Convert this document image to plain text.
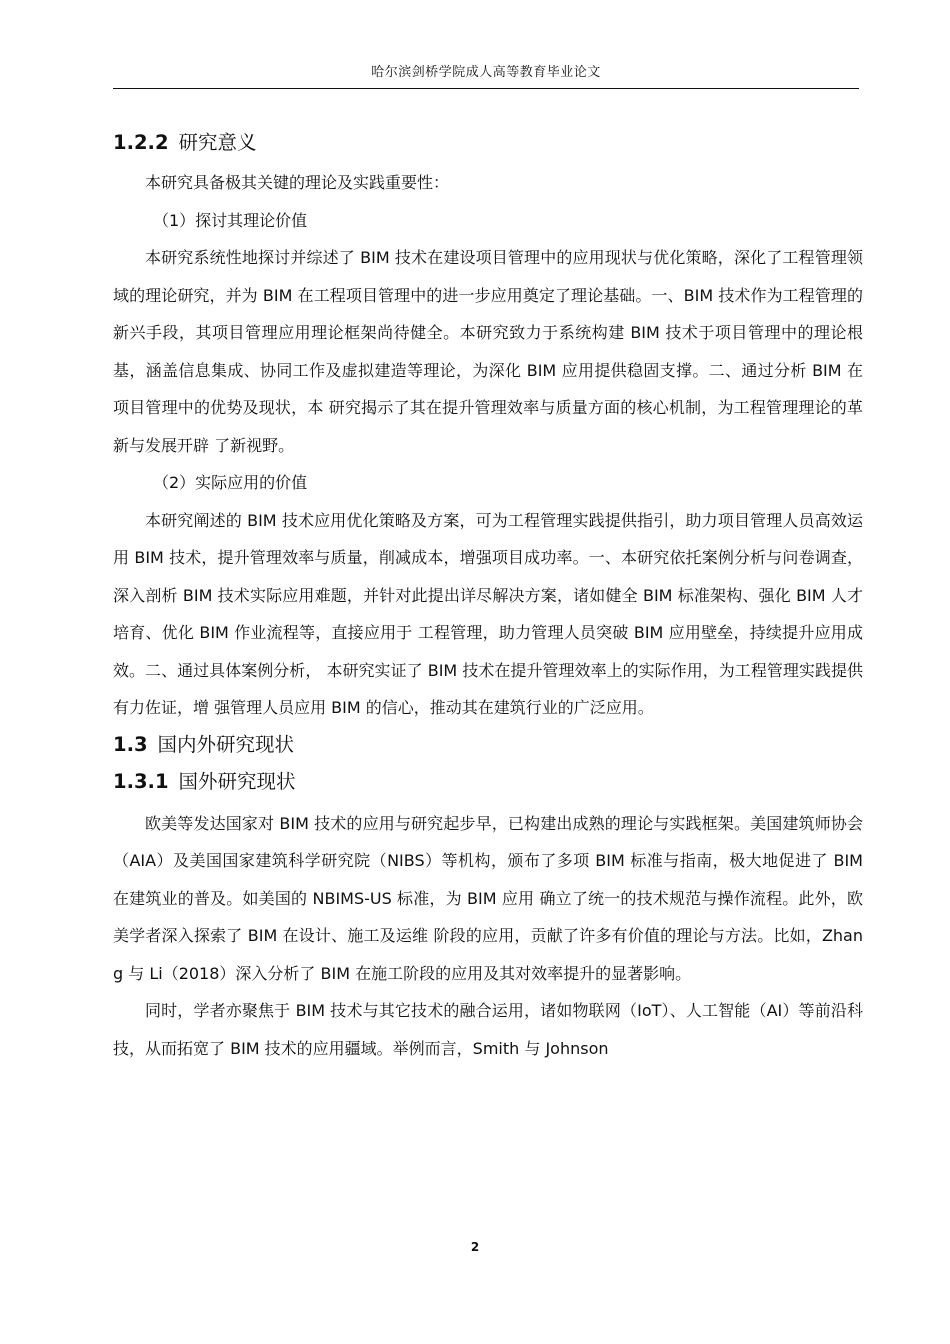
哈尔滨剑桥学院成人高等教育毕业论文
1.2.2 研究意义

本研究具备极其关键的理论及实践重要性：

（1）探讨其理论价值

本研究系统性地探讨并综述了 BIM 技术在建设项目管理中的应用现状与优化策略，深化了工程管理领域的理论研究，并为 BIM 在工程项目管理中的进一步应用奠定了理论基础。一、BIM 技术作为工程管理的新兴手段，其项目管理应用理论框架尚待健全。本研究致力于系统构建 BIM 技术于项目管理中的理论根基，涵盖信息集成、协同工作及虚拟建造等理论，为深化 BIM 应用提供稳固支撑。二、通过分析 BIM 在项目管理中的优势及现状，本 研究揭示了其在提升管理效率与质量方面的核心机制，为工程管理理论的革新与发展开辟 了新视野。

（2）实际应用的价值

本研究阐述的 BIM 技术应用优化策略及方案，可为工程管理实践提供指引，助力项目管理人员高效运用 BIM 技术，提升管理效率与质量，削减成本，增强项目成功率。一、本研究依托案例分析与问卷调查，深入剖析 BIM 技术实际应用难题，并针对此提出详尽解决方案，诸如健全 BIM 标准架构、强化 BIM 人才培育、优化 BIM 作业流程等，直接应用于 工程管理，助力管理人员突破 BIM 应用壁垒，持续提升应用成效。二、通过具体案例分析， 本研究实证了 BIM 技术在提升管理效率上的实际作用，为工程管理实践提供有力佐证，增 强管理人员应用 BIM 的信心，推动其在建筑行业的广泛应用。

1.3 国内外研究现状
1.3.1 国外研究现状

欧美等发达国家对 BIM 技术的应用与研究起步早，已构建出成熟的理论与实践框架。美国建筑师协会（AIA）及美国国家建筑科学研究院（NIBS）等机构，颁布了多项 BIM 标准与指南，极大地促进了 BIM 在建筑业的普及。如美国的 NBIMS-US 标准，为 BIM 应用 确立了统一的技术规范与操作流程。此外，欧美学者深入探索了 BIM 在设计、施工及运维 阶段的应用，贡献了许多有价值的理论与方法。比如，Zhang 与 Li（2018）深入分析了 BIM 在施工阶段的应用及其对效率提升的显著影响。

同时，学者亦聚焦于 BIM 技术与其它技术的融合运用，诸如物联网（IoT）、人工智能（AI）等前沿科技，从而拓宽了 BIM 技术的应用疆域。举例而言，Smith 与 Johnson

2
